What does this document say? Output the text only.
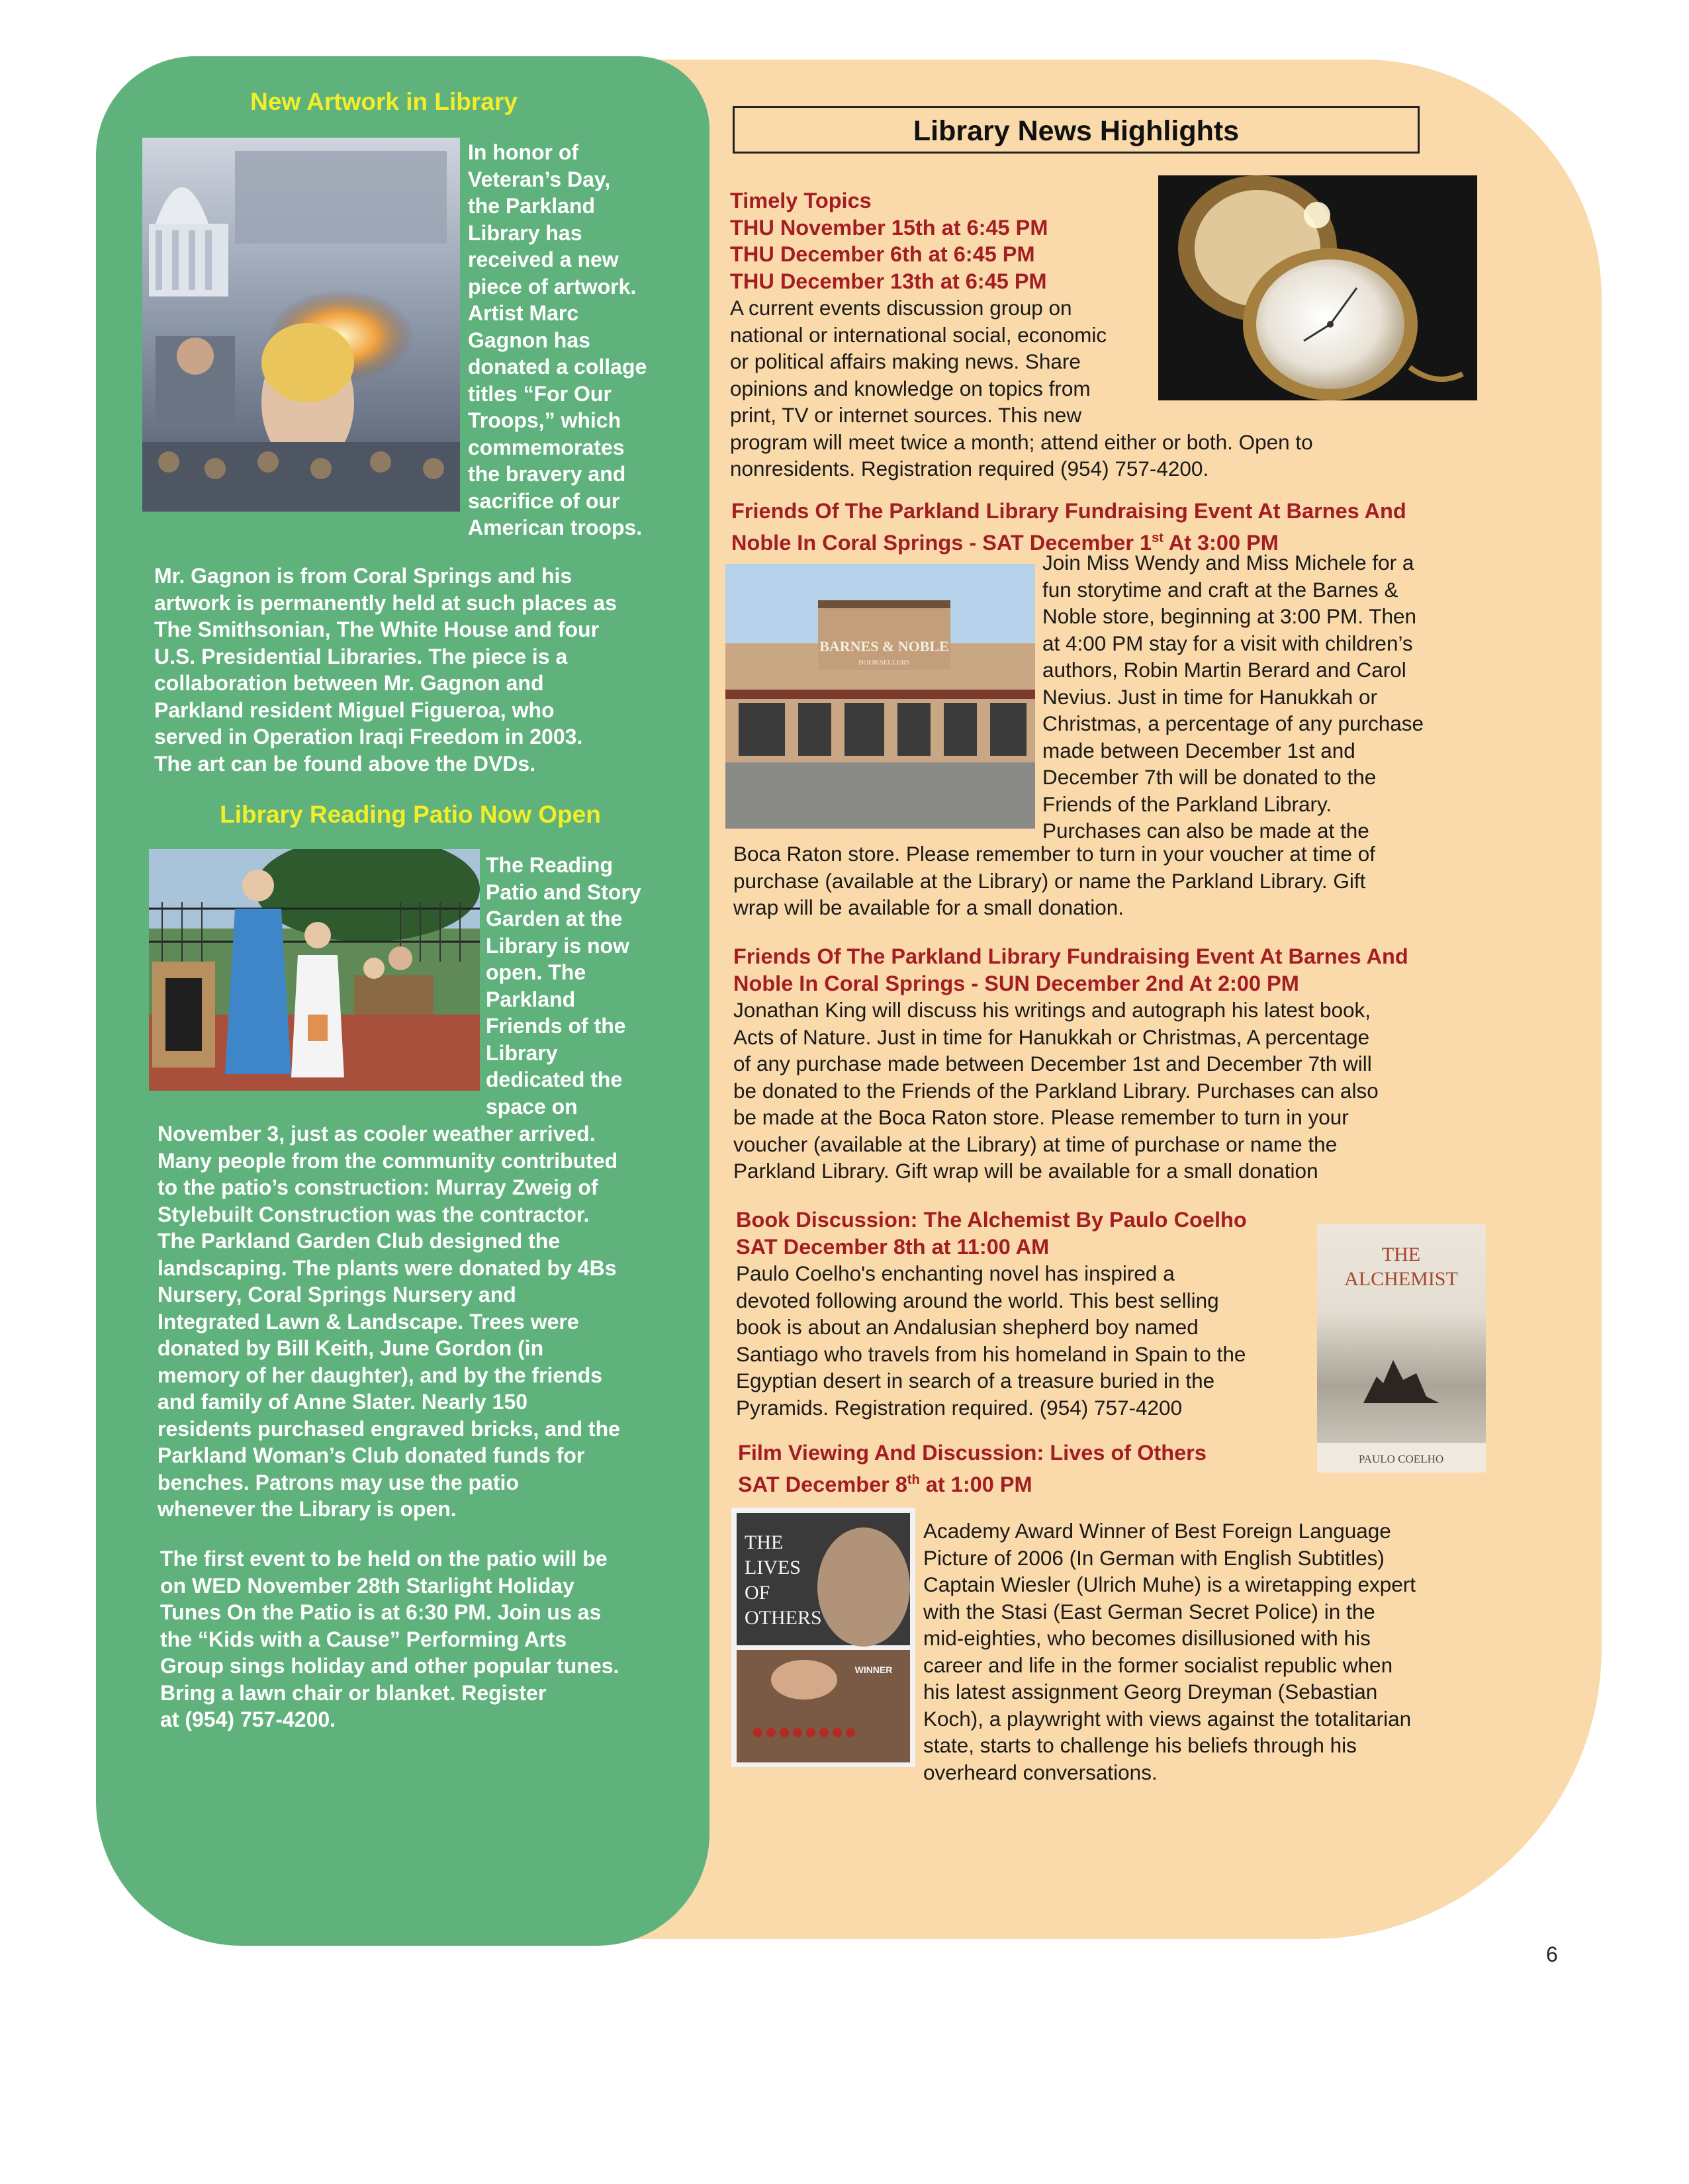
New Artwork in Library

In honor of

Veteran’s Day,

the Parkland

Library has

received a new

piece of artwork.

Artist Marc

Gagnon has

donated a collage

titles “For Our

Troops,” which

commemorates

the bravery and

sacrifice of our

American troops.

Mr. Gagnon is from Coral Springs and his

artwork is permanently held at such places as

The Smithsonian, The White House and four

U.S. Presidential Libraries. The piece is a

collaboration between Mr. Gagnon and

Parkland resident Miguel Figueroa, who

served in Operation Iraqi Freedom in 2003.

The art can be found above the DVDs.

Library Reading Patio Now Open

The Reading

Patio and Story

Garden at the

Library is now

open. The

Parkland

Friends of the

Library

dedicated the

space on

November 3, just as cooler weather arrived.

Many people from the community contributed

to the patio’s construction: Murray Zweig of

Stylebuilt Construction was the contractor.

The Parkland Garden Club designed the

landscaping. The plants were donated by 4Bs

Nursery, Coral Springs Nursery and

Integrated Lawn & Landscape. Trees were

donated by Bill Keith, June Gordon (in

memory of her daughter), and by the friends

and family of Anne Slater. Nearly 150

residents purchased engraved bricks, and the

Parkland Woman’s Club donated funds for

benches. Patrons may use the patio

whenever the Library is open.

The first event to be held on the patio will be

on WED November 28th Starlight Holiday

Tunes On the Patio is at 6:30 PM. Join us as

the “Kids with a Cause” Performing Arts

Group sings holiday and other popular tunes.

Bring a lawn chair or blanket. Register

at (954) 757-4200.

Library News Highlights

Timely Topics

THU November 15th at 6:45 PM

THU December 6th at 6:45 PM

THU December 13th at 6:45 PM

A current events discussion group on

national or international social, economic

or political affairs making news. Share

opinions and knowledge on topics from

print, TV or internet sources. This new

program will meet twice a month; attend either or both. Open to

nonresidents. Registration required (954) 757-4200.

Friends Of The Parkland Library Fundraising Event At Barnes And

Noble In Coral Springs - SAT December 1st At 3:00 PM

BARNES & NOBLE
BOOKSELLERS

Join Miss Wendy and Miss Michele for a

fun storytime and craft at the Barnes &

Noble store, beginning at 3:00 PM. Then

at 4:00 PM stay for a visit with children’s

authors, Robin Martin Berard and Carol

Nevius. Just in time for Hanukkah or

Christmas, a percentage of any purchase

made between December 1st and

December 7th will be donated to the

Friends of the Parkland Library.

Purchases can also be made at the

Boca Raton store. Please remember to turn in your voucher at time of

purchase (available at the Library) or name the Parkland Library. Gift

wrap will be available for a small donation.

Friends Of The Parkland Library Fundraising Event At Barnes And

Noble In Coral Springs - SUN December 2nd At 2:00 PM

Jonathan King will discuss his writings and autograph his latest book,

Acts of Nature. Just in time for Hanukkah or Christmas, A percentage

of any purchase made between December 1st and December 7th will

be donated to the Friends of the Parkland Library. Purchases can also

be made at the Boca Raton store. Please remember to turn in your

voucher (available at the Library) at time of purchase or name the

Parkland Library. Gift wrap will be available for a small donation

Book Discussion: The Alchemist By Paulo Coelho

SAT December 8th at 11:00 AM

Paulo Coelho's enchanting novel has inspired a

devoted following around the world. This best selling

book is about an Andalusian shepherd boy named

Santiago who travels from his homeland in Spain to the

Egyptian desert in search of a treasure buried in the

Pyramids. Registration required. (954) 757-4200

THE
ALCHEMIST
PAULO COELHO

Film Viewing And Discussion: Lives of Others

SAT December 8th at 1:00 PM

THE
LIVES
OF
OTHERS
WINNER

Academy Award Winner of Best Foreign Language

Picture of 2006 (In German with English Subtitles)

Captain Wiesler (Ulrich Muhe) is a wiretapping expert

with the Stasi (East German Secret Police) in the

mid-eighties, who becomes disillusioned with his

career and life in the former socialist republic when

his latest assignment Georg Dreyman (Sebastian

Koch), a playwright with views against the totalitarian

state, starts to challenge his beliefs through his

overheard conversations.

6
